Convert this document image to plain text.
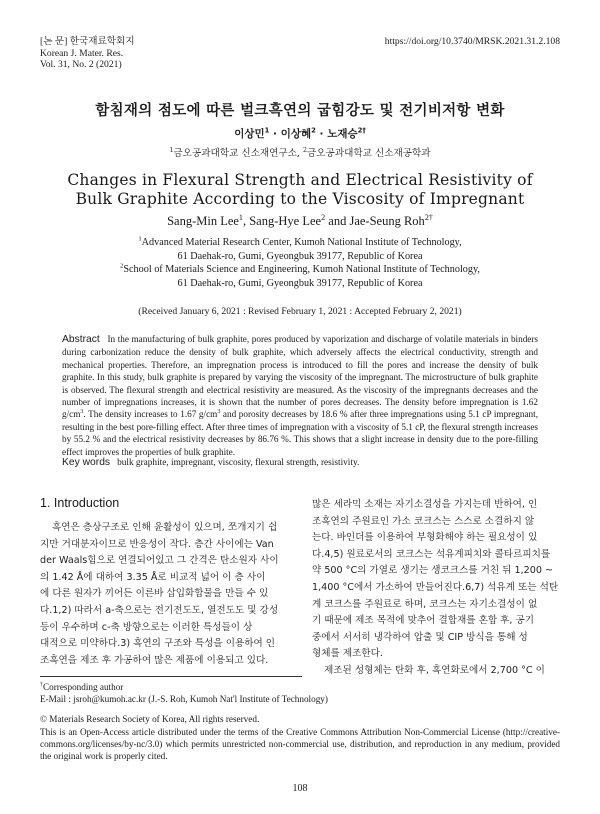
[논 문] 한국재료학회지
Korean J. Mater. Res.
Vol. 31, No. 2 (2021)
https://doi.org/10.3740/MRSK.2021.31.2.108
함침재의 점도에 따른 벌크흑연의 굽힘강도 및 전기비저항 변화
이상민$^1$ · 이상혜$^2$ · 노재승$^{2\dagger}$
$^1$금오공과대학교 신소재연구소, $^2$금오공과대학교 신소재공학과
Changes in Flexural Strength and Electrical Resistivity of
Bulk Graphite According to the Viscosity of Impregnant
Sang-Min Lee$^1$, Sang-Hye Lee$^2$ and Jae-Seung Roh$^{2\dagger}$
$^1$Advanced Material Research Center, Kumoh National Institute of Technology,
61 Daehak-ro, Gumi, Gyeongbuk 39177, Republic of Korea
$^2$School of Materials Science and Engineering, Kumoh National Institute of Technology,
61 Daehak-ro, Gumi, Gyeongbuk 39177, Republic of Korea
(Received January 6, 2021 : Revised February 1, 2021 : Accepted February 2, 2021)
Abstract In the manufacturing of bulk graphite, pores produced by vaporization and discharge of volatile materials in binders during carbonization reduce the density of bulk graphite, which adversely affects the electrical conductivity, strength and mechanical properties. Therefore, an impregnation process is introduced to fill the pores and increase the density of bulk graphite. In this study, bulk graphite is prepared by varying the viscosity of the impregnant. The microstructure of bulk graphite is observed. The flexural strength and electrical resistivity are measured. As the viscosity of the impregnants decreases and the number of impregnations increases, it is shown that the number of pores decreases. The density before impregnation is 1.62 $g/cm^3$. The density increases to 1.67 $g/cm^3$ and porosity decreases by 18.6 % after three impregnations using 5.1 cP impregnant, resulting in the best pore-filling effect. After three times of impregnation with a viscosity of 5.1 cP, the flexural strength increases by 55.2 % and the electrical resistivity decreases by 86.76 %. This shows that a slight increase in density due to the pore-filling effect improves the properties of bulk graphite.
Key words bulk graphite, impregnant, viscosity, flexural strength, resistivity.
1. Introduction
흑연은 층상구조로 인해 윤활성이 있으며, 쪼개지기 쉽
지만 거대분자이므로 반응성이 작다. 층간 사이에는 Van
der Waals힘으로 연결되어있고 그 간격은 탄소원자 사이
의 1.42 Å에 대하여 3.35 Å로 비교적 넓어 이 층 사이
에 다른 원자가 끼어든 이른바 삽입화합물을 만들 수 있
다.1,2) 따라서 a-축으로는 전기전도도, 열전도도 및 강성
등이 우수하며 c-축 방향으로는 이러한 특성들이 상
대적으로 미약하다.3) 흑연의 구조와 특성을 이용하여 인
조흑연을 제조 후 가공하여 많은 제품에 이용되고 있다.
많은 세라믹 소재는 자기소결성을 가지는데 반하여, 인
조흑연의 주원료인 가소 코크스는 스스로 소결하지 않
는다. 바인더를 이용하여 부형화해야 하는 필요성이 있
다.4,5) 원료로서의 코크스는 석유계피치와 콜타르피치를
약 500 °C의 가열로 생기는 생코크스를 거친 뒤 1,200 ~
1,400 °C에서 가소하여 만들어진다.6,7) 석유계 또는 석탄
계 코크스를 주원료로 하며, 코크스는 자기소결성이 없
기 때문에 제조 목적에 맞추어 결합재를 혼합 후, 공기
중에서 서서히 냉각하여 압출 및 CIP 방식을 통해 성
형체를 제조한다.
제조된 성형체는 탄화 후, 흑연화로에서 2,700 °C 이
†Corresponding author
E-Mail : jsroh@kumoh.ac.kr (J.-S. Roh, Kumoh Nat'l Institute of Technology)
© Materials Research Society of Korea, All rights reserved.
This is an Open-Access article distributed under the terms of the Creative Commons Attribution Non-Commercial License (http://creative-commons.org/licenses/by-nc/3.0) which permits unrestricted non-commercial use, distribution, and reproduction in any medium, provided the original work is properly cited.
108
